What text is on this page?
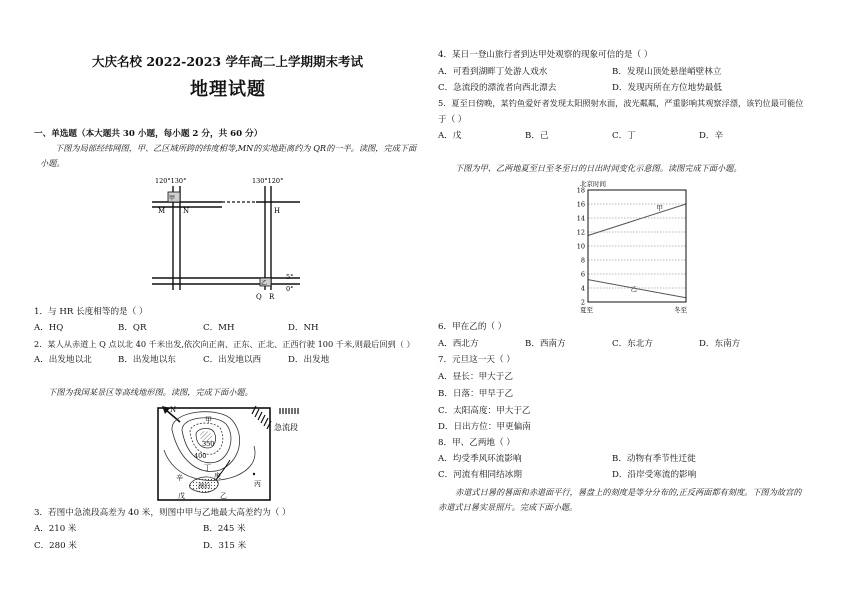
大庆名校 2022-2023 学年高二上学期期末考试
地理试题
一、单选题（本大题共 30 小题，每小题 2 分，共 60 分）
下图为局部经纬网图，甲、乙区域所跨的纬度相等,MN的实地距离约为 QR的一半。读图，完成下面
小题。
120°130°	130°120°
甲
乙
M	N	H
Q R
5°
0°
1．与 HR 长度相等的是（ ）
A．HQ	B．QR	C．MH	D．NH
2．某人从赤道上 Q 点以北 40 千米出发,依次向正南、正东、正北、正西行驶 100 千米,则最后回到（ ）
A．出发地以北	B．出发地以东	C．出发地以西	D．出发地
下图为我国某景区等高线地形图。读图，完成下面小题。
N
急流段
甲
350
400
丁
辛	庚
湖泊
戊	乙
丙
3．若图中急流段高差为 40 米，则图中甲与乙地最大高差约为（ ）
A．210 米	B．245 米
C．280 米	D．315 米
4．某日一登山旅行者到达甲处观察的现象可信的是（ ）
A．可看到湖畔丁处游人戏水	B．发现山顶处悬崖峭壁林立
C．急流段的漂流者向西北漂去	D．发现丙所在方位地势最低
5．夏至日傍晚，某钓鱼爱好者发现太阳照射水面，波光粼粼，严重影响其观察浮漂，该钓位最可能位
于（ ）
A．戊	B．己	C．丁	D．辛
下图为甲、乙两地夏至日至冬至日的日出时间变化示意图。读图完成下面小题。
北京时间
18
16
14
12
10
8
6
4
2
甲
乙
夏至	冬至
6．甲在乙的（ ）
A．西北方	B．西南方	C．东北方	D．东南方
7．元旦这一天（ ）
A．昼长：甲大于乙
B．日落：甲早于乙
C．太阳高度：甲大于乙
D．日出方位：甲更偏南
8．甲、乙两地（ ）
A．均受季风环流影响	B．动物有季节性迁徙
C．河流有相同结冰期	D．沿岸受寒流的影响
赤道式日晷的晷面和赤道面平行，晷盘上的刻度是等分分布的,正反两面都有刻度。下图为故宫的
赤道式日晷实景照片。完成下面小题。
